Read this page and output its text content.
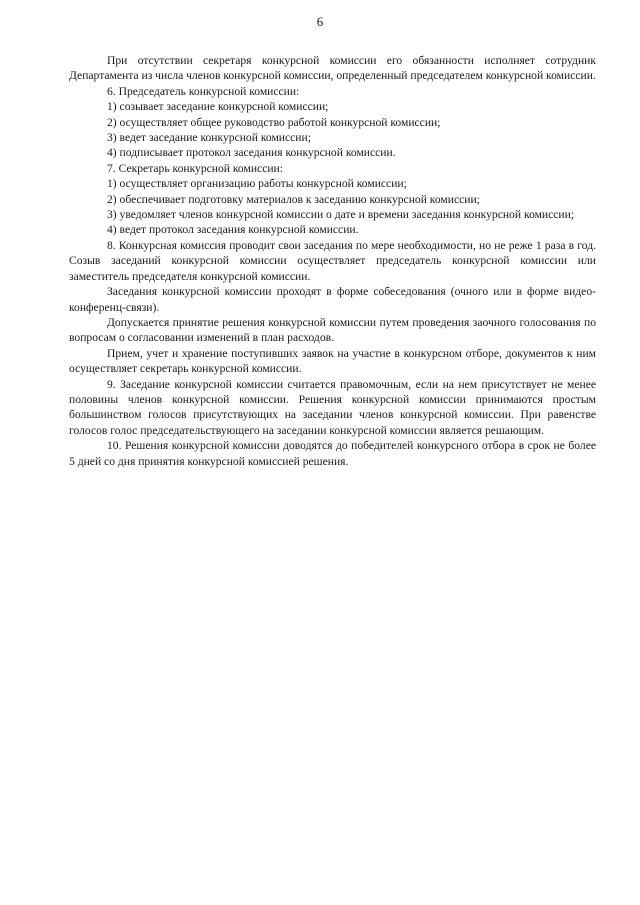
6

При отсутствии секретаря конкурсной комиссии его обязанности исполняет сотрудник Департамента из числа членов конкурсной комиссии, определенный председателем конкурсной комиссии.

6. Председатель конкурсной комиссии:

1) созывает заседание конкурсной комиссии;

2) осуществляет общее руководство работой конкурсной комиссии;

3) ведет заседание конкурсной комиссии;

4) подписывает протокол заседания конкурсной комиссии.

7. Секретарь конкурсной комиссии:

1) осуществляет организацию работы конкурсной комиссии;

2) обеспечивает подготовку материалов к заседанию конкурсной комиссии;

3) уведомляет членов конкурсной комиссии о дате и времени заседания конкурсной комиссии;

4) ведет протокол заседания конкурсной комиссии.

8. Конкурсная комиссия проводит свои заседания по мере необходимости, но не реже 1 раза в год. Созыв заседаний конкурсной комиссии осуществляет председатель конкурсной комиссии или заместитель председателя конкурсной комиссии.

Заседания конкурсной комиссии проходят в форме собеседования (очного или в форме видео-конференц-связи).

Допускается принятие решения конкурсной комиссии путем проведения заочного голосования по вопросам о согласовании изменений в план расходов.

Прием, учет и хранение поступивших заявок на участие в конкурсном отборе, документов к ним осуществляет секретарь конкурсной комиссии.

9. Заседание конкурсной комиссии считается правомочным, если на нем присутствует не менее половины членов конкурсной комиссии. Решения конкурсной комиссии принимаются простым большинством голосов присутствующих на заседании членов конкурсной комиссии. При равенстве голосов голос председательствующего на заседании конкурсной комиссии является решающим.

10. Решения конкурсной комиссии доводятся до победителей конкурсного отбора в срок не более 5 дней со дня принятия конкурсной комиссией решения.
